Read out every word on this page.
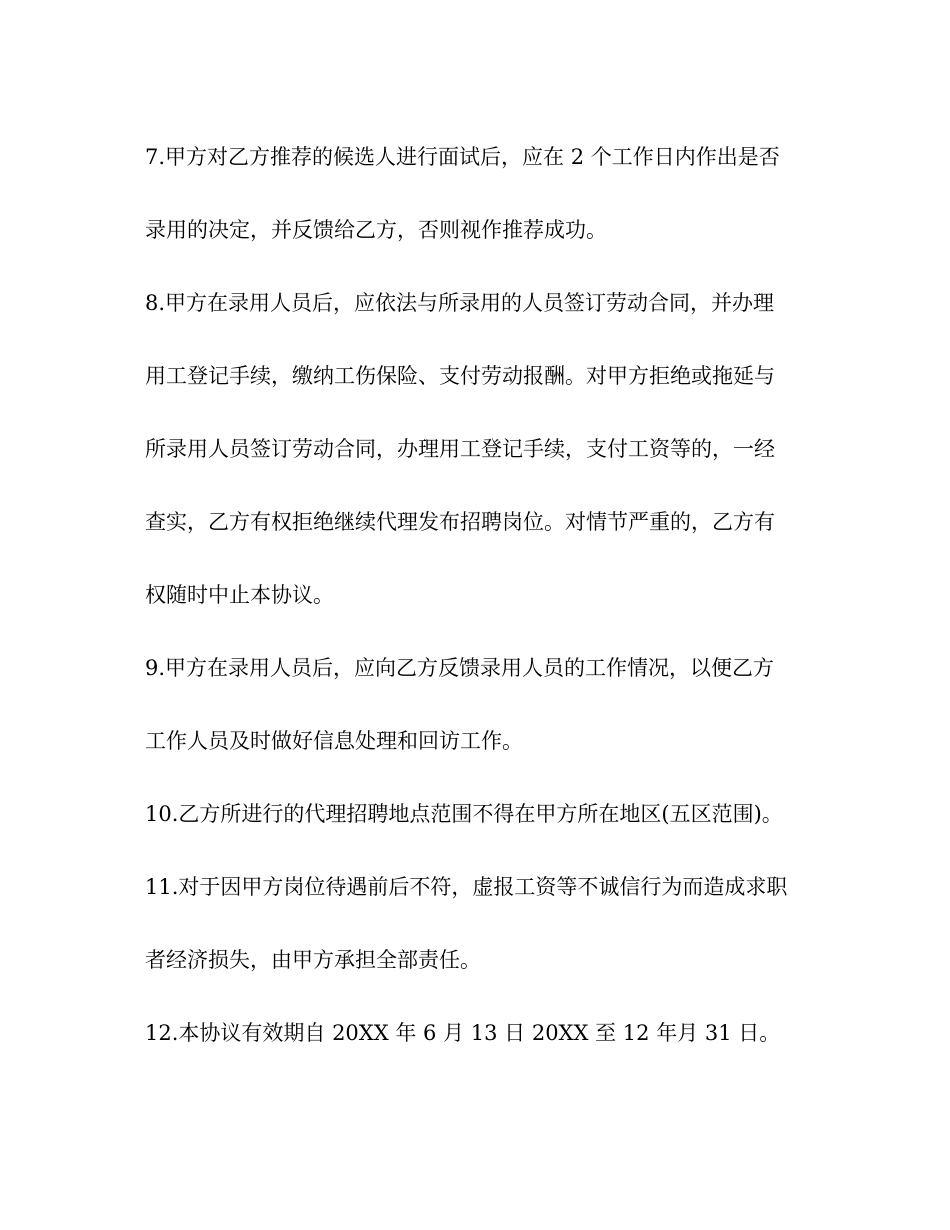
7.甲方对乙方推荐的候选人进行面试后，应在 2 个工作日内作出是否
录用的决定，并反馈给乙方，否则视作推荐成功。
8.甲方在录用人员后，应依法与所录用的人员签订劳动合同，并办理
用工登记手续，缴纳工伤保险、支付劳动报酬。对甲方拒绝或拖延与
所录用人员签订劳动合同，办理用工登记手续，支付工资等的，一经
查实，乙方有权拒绝继续代理发布招聘岗位。对情节严重的，乙方有
权随时中止本协议。
9.甲方在录用人员后，应向乙方反馈录用人员的工作情况，以便乙方
工作人员及时做好信息处理和回访工作。
10.乙方所进行的代理招聘地点范围不得在甲方所在地区(五区范围)。
11.对于因甲方岗位待遇前后不符，虚报工资等不诚信行为而造成求职
者经济损失，由甲方承担全部责任。
12.本协议有效期自 20XX 年 6 月 13 日 20XX 至 12 年月 31 日。
